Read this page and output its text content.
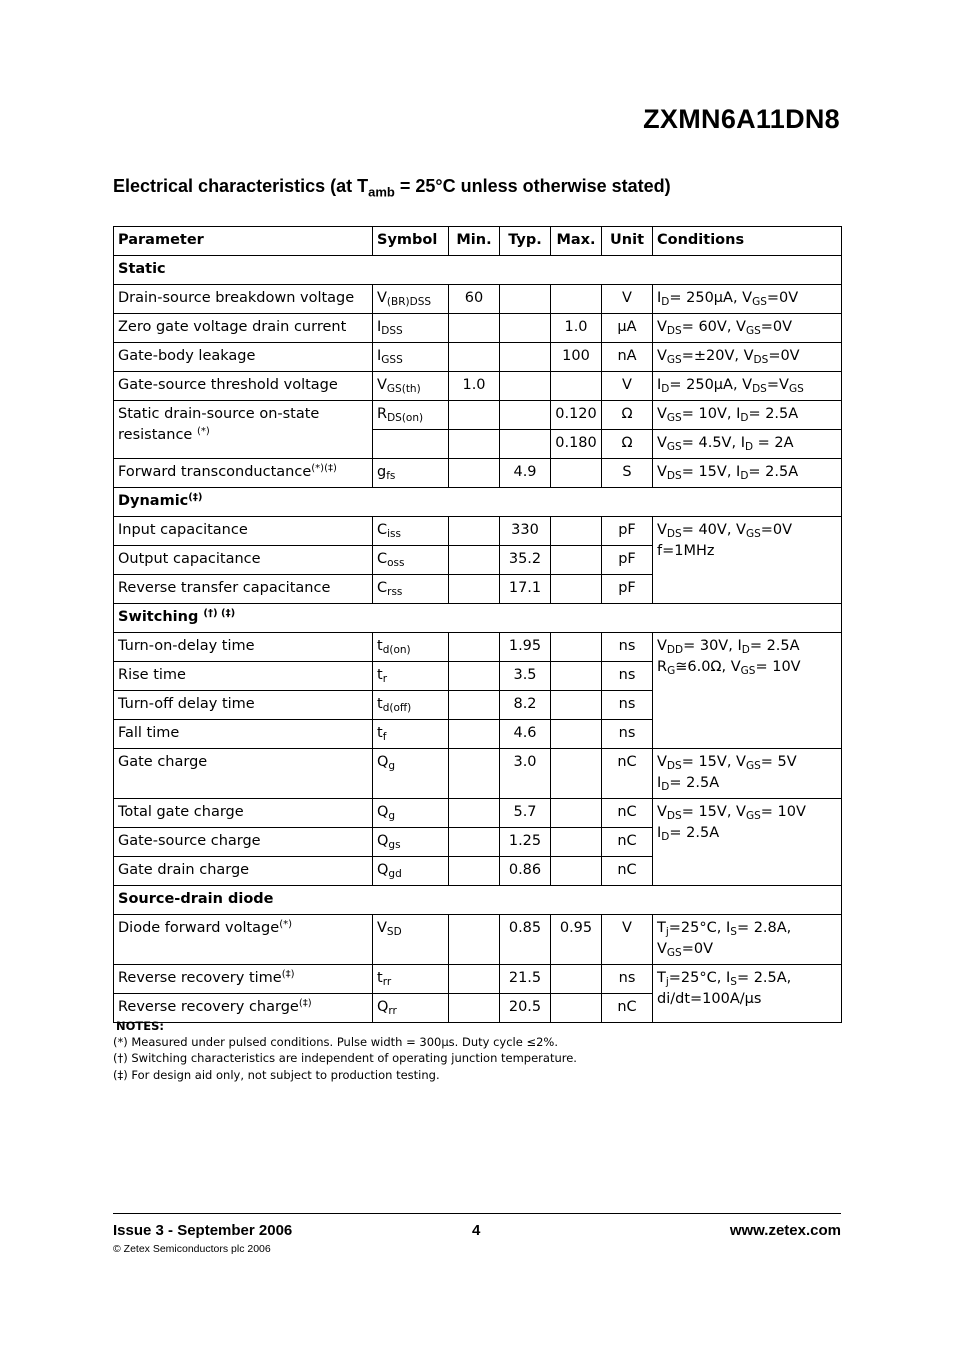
ZXMN6A11DN8
Electrical characteristics (at $T_{amb} = 25^\circ C$ unless otherwise stated)
Parameter	Symbol	Min.	Typ.	Max.	Unit	Conditions
Static						
Drain-source breakdown voltage	$V_{(BR)DSS}$	60			V	$I_D= 250\mu A$, $V_{GS}=0V$
Zero gate voltage drain current	$I_{DSS}$			1.0	µA	$V_{DS}= 60V$, $V_{GS}=0V$
Gate-body leakage	$I_{GSS}$			100	nA	$V_{GS}=\pm 20V$, $V_{DS}=0V$
Gate-source threshold voltage	$V_{GS(th)}$	1.0			V	$I_D= 250\mu A$, $V_{DS}=V_{GS}$
Static drain-source on-state resistance (*)	$R_{DS(on)}$			0.120	Ω	$V_{GS}= 10V$, $I_D= 2.5A$
				0.180	Ω	$V_{GS}= 4.5V$, $I_D = 2A$
Forward transconductance(*)(‡)	$g_{fs}$		4.9		S	$V_{DS}= 15V$, $I_D= 2.5A$
Dynamic(‡)
Input capacitance	$C_{iss}$		330		pF	$V_{DS}= 40V$, $V_{GS}=0V$
f=1MHz
Output capacitance	$C_{oss}$		35.2		pF	
Reverse transfer capacitance	$C_{rss}$		17.1		pF	
Switching (†) (‡)
Turn-on-delay time	$t_{d(on)}$		1.95		ns	$V_{DD}= 30V$, $I_D= 2.5A$
$R_G≅6.0\Omega$, $V_{GS}= 10V$
Rise time	$t_r$		3.5		ns	
Turn-off delay time	$t_{d(off)}$		8.2		ns	
Fall time	$t_f$		4.6		ns	
Gate charge	$Q_g$		3.0		nC	$V_{DS}= 15V$, $V_{GS}= 5V$
$I_D= 2.5A$
Total gate charge	$Q_g$		5.7		nC	$V_{DS}= 15V$, $V_{GS}= 10V$
$I_D= 2.5A$
Gate-source charge	$Q_{gs}$		1.25		nC	
Gate drain charge	$Q_{gd}$		0.86		nC	
Source-drain diode						
Diode forward voltage(*)	$V_{SD}$		0.85	0.95	V	$T_j=25^\circ C$, $I_S= 2.8A$,
$V_{GS}=0V$
Reverse recovery time(‡)	$t_{rr}$		21.5		ns	$T_j=25^\circ C$, $I_S= 2.5A$,
di/dt=100A/µs
Reverse recovery charge(‡)	$Q_{rr}$		20.5		nC	
NOTES:
(*) Measured under pulsed conditions. Pulse width = 300µs. Duty cycle ≤2%.
(†) Switching characteristics are independent of operating junction temperature.
(‡) For design aid only, not subject to production testing.
Issue 3 - September 2006
© Zetex Semiconductors plc 2006
4	www.zetex.com
